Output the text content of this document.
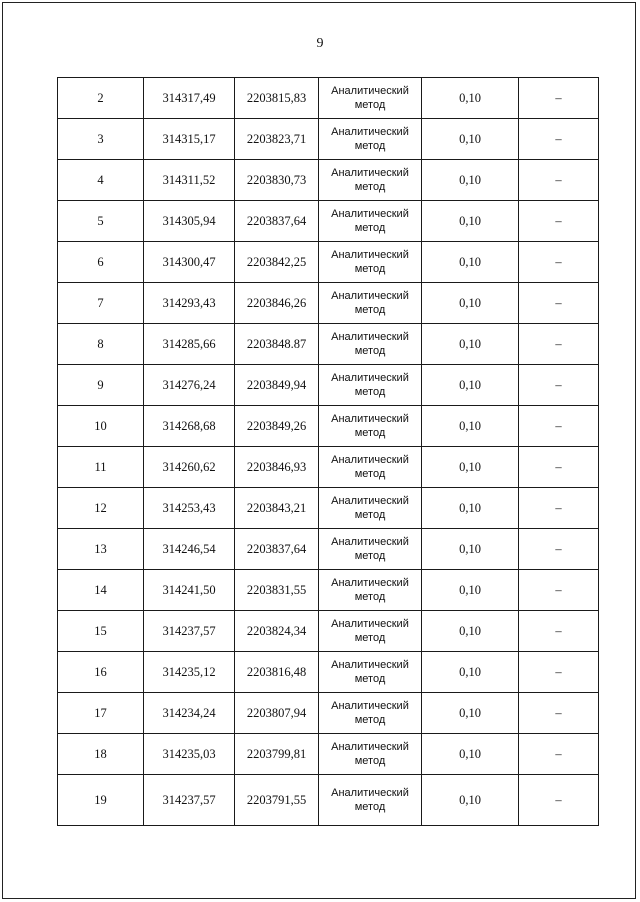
9
2	314317,49	2203815,83	Аналитический
метод	0,10	–
3	314315,17	2203823,71	Аналитический
метод	0,10	–
4	314311,52	2203830,73	Аналитический
метод	0,10	–
5	314305,94	2203837,64	Аналитический
метод	0,10	–
6	314300,47	2203842,25	Аналитический
метод	0,10	–
7	314293,43	2203846,26	Аналитический
метод	0,10	–
8	314285,66	2203848.87	Аналитический
метод	0,10	–
9	314276,24	2203849,94	Аналитический
метод	0,10	–
10	314268,68	2203849,26	Аналитический
метод	0,10	–
11	314260,62	2203846,93	Аналитический
метод	0,10	–
12	314253,43	2203843,21	Аналитический
метод	0,10	–
13	314246,54	2203837,64	Аналитический
метод	0,10	–
14	314241,50	2203831,55	Аналитический
метод	0,10	–
15	314237,57	2203824,34	Аналитический
метод	0,10	–
16	314235,12	2203816,48	Аналитический
метод	0,10	–
17	314234,24	2203807,94	Аналитический
метод	0,10	–
18	314235,03	2203799,81	Аналитический
метод	0,10	–
19	314237,57	2203791,55	Аналитический
метод	0,10	–
